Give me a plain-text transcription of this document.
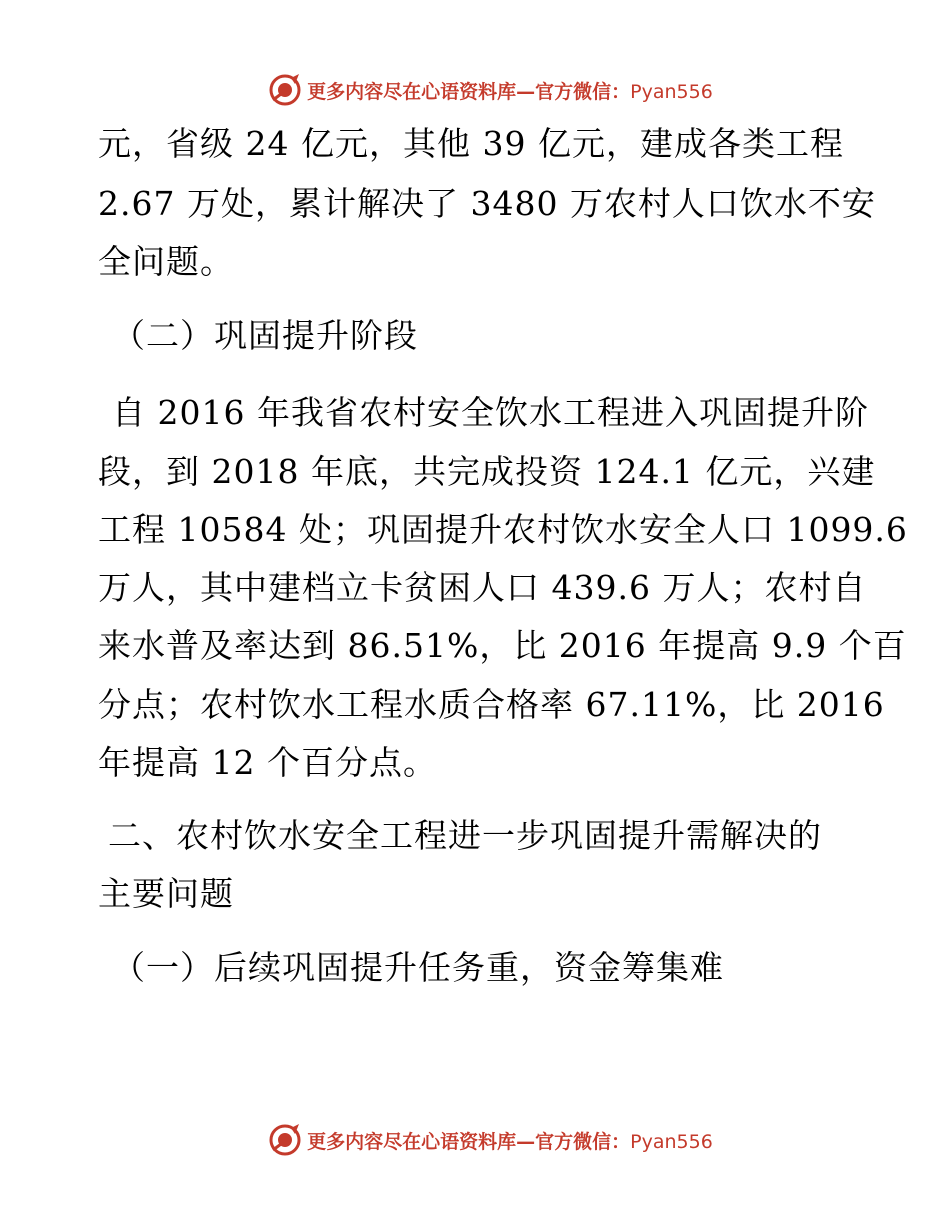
更多内容尽在心语资料库—官方微信：Pyan556
元，省级 24 亿元，其他 39 亿元，建成各类工程
2.67 万处，累计解决了 3480 万农村人口饮水不安
全问题。
（二）巩固提升阶段
自 2016 年我省农村安全饮水工程进入巩固提升阶
段，到 2018 年底，共完成投资 124.1 亿元，兴建
工程 10584 处；巩固提升农村饮水安全人口 1099.6
万人，其中建档立卡贫困人口 439.6 万人；农村自
来水普及率达到 86.51%，比 2016 年提高 9.9 个百
分点；农村饮水工程水质合格率 67.11%，比 2016
年提高 12 个百分点。
二、农村饮水安全工程进一步巩固提升需解决的
主要问题
（一）后续巩固提升任务重，资金筹集难
更多内容尽在心语资料库—官方微信：Pyan556
